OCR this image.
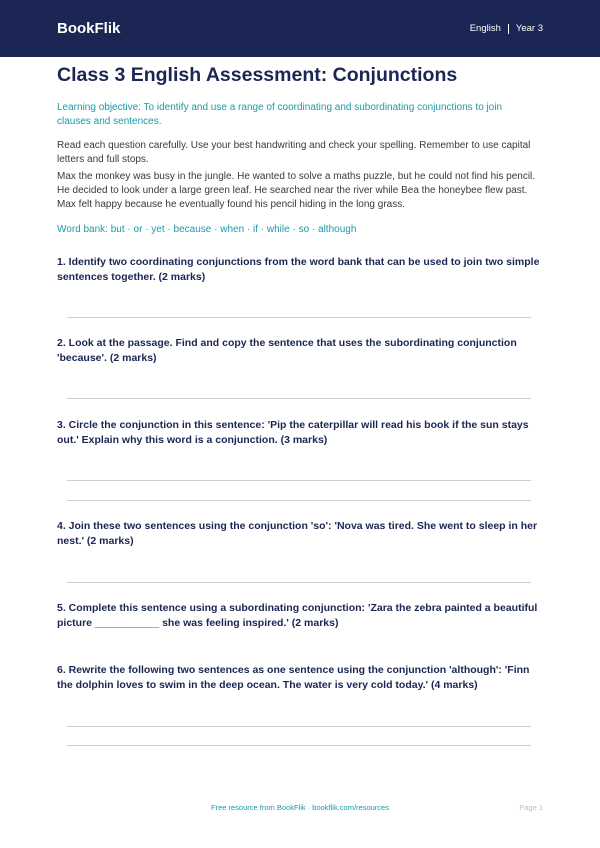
BookFlik	English Year 3
Class 3 English Assessment: Conjunctions
Learning objective: To identify and use a range of coordinating and subordinating conjunctions to join clauses and sentences.
Read each question carefully. Use your best handwriting and check your spelling. Remember to use capital letters and full stops.
Max the monkey was busy in the jungle. He wanted to solve a maths puzzle, but he could not find his pencil. He decided to look under a large green leaf. He searched near the river while Bea the honeybee flew past. Max felt happy because he eventually found his pencil hiding in the long grass.
Word bank: but · or · yet · because · when · if · while · so · although
1. Identify two coordinating conjunctions from the word bank that can be used to join two simple sentences together. (2 marks)
2. Look at the passage. Find and copy the sentence that uses the subordinating conjunction 'because'. (2 marks)
3. Circle the conjunction in this sentence: 'Pip the caterpillar will read his book if the sun stays out.' Explain why this word is a conjunction. (3 marks)
4. Join these two sentences using the conjunction 'so': 'Nova was tired. She went to sleep in her nest.' (2 marks)
5. Complete this sentence using a subordinating conjunction: 'Zara the zebra painted a beautiful picture ___________ she was feeling inspired.' (2 marks)
6. Rewrite the following two sentences as one sentence using the conjunction 'although': 'Finn the dolphin loves to swim in the deep ocean. The water is very cold today.' (4 marks)
Free resource from BookFlik · bookflik.com/resources	Page 1
